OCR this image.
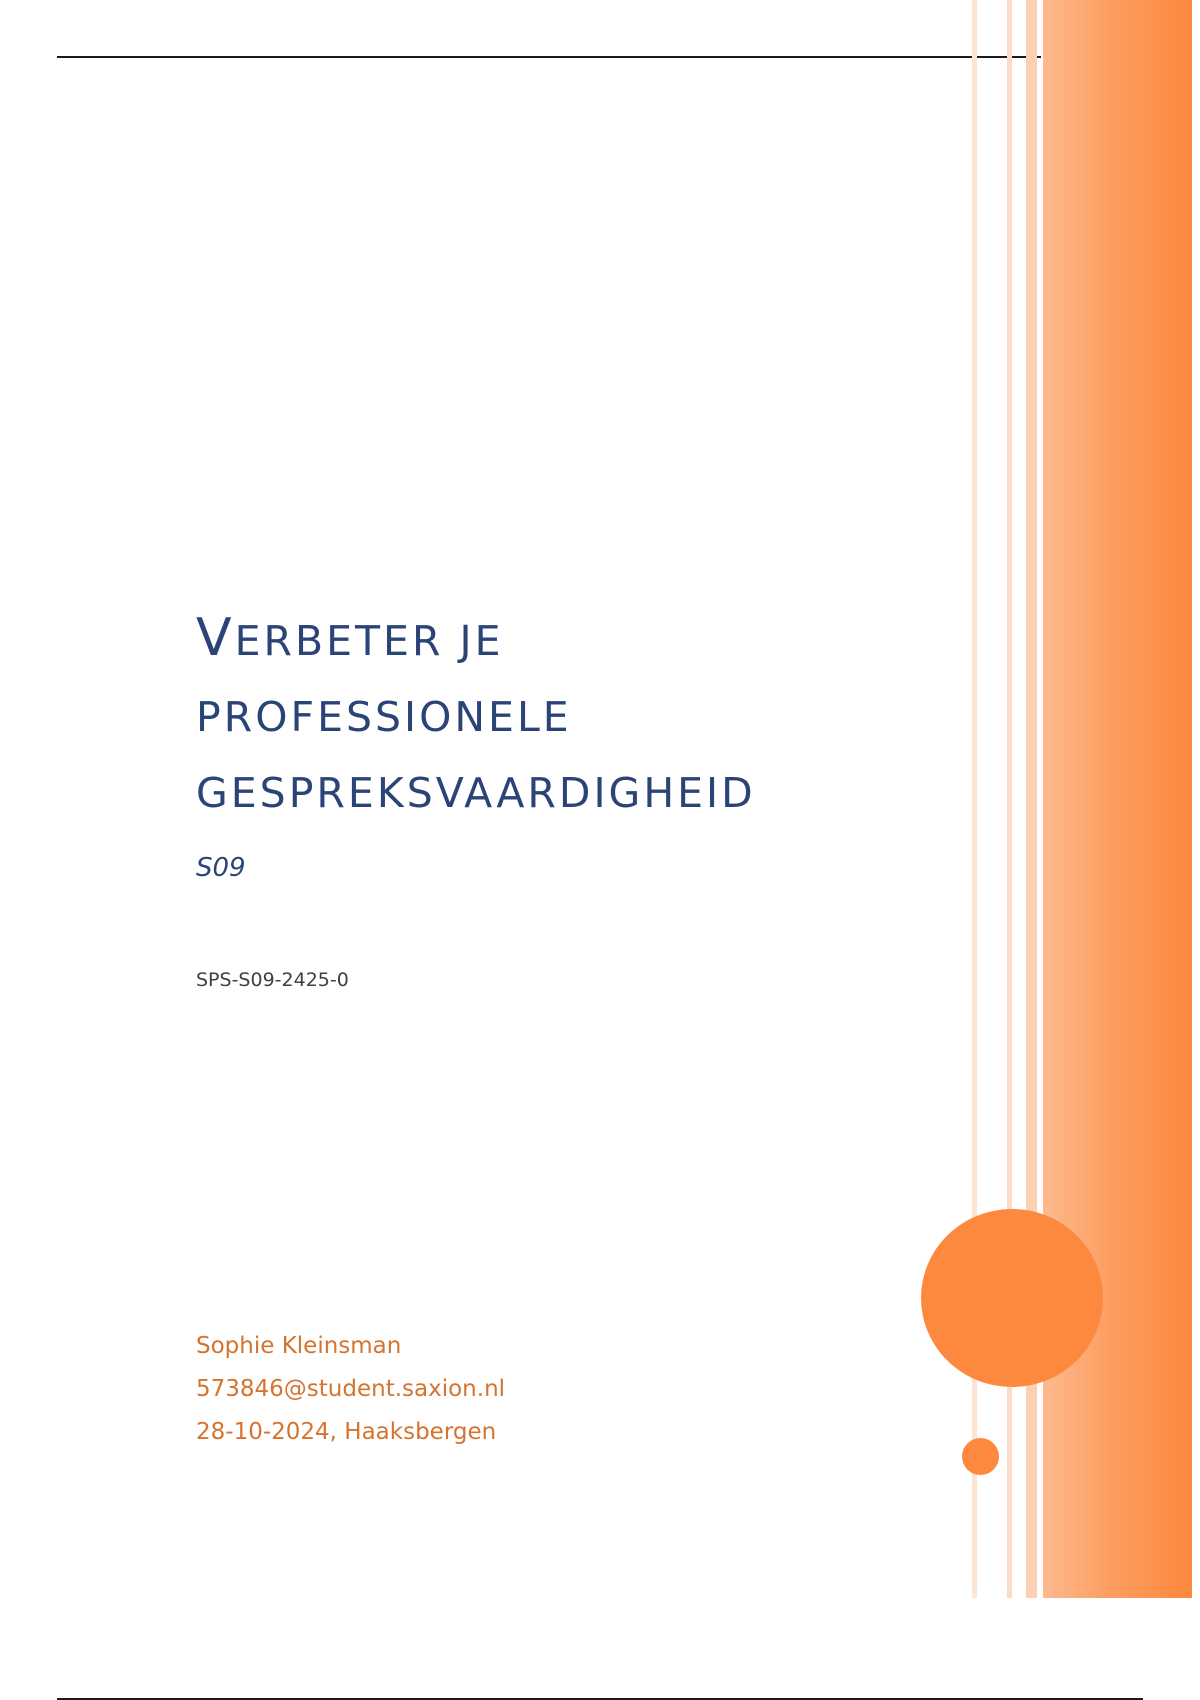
VERBETER JE
PROFESSIONELE
GESPREKSVAARDIGHEID

S09

SPS-S09-2425-0

Sophie Kleinsman
573846@student.saxion.nl
28-10-2024, Haaksbergen
